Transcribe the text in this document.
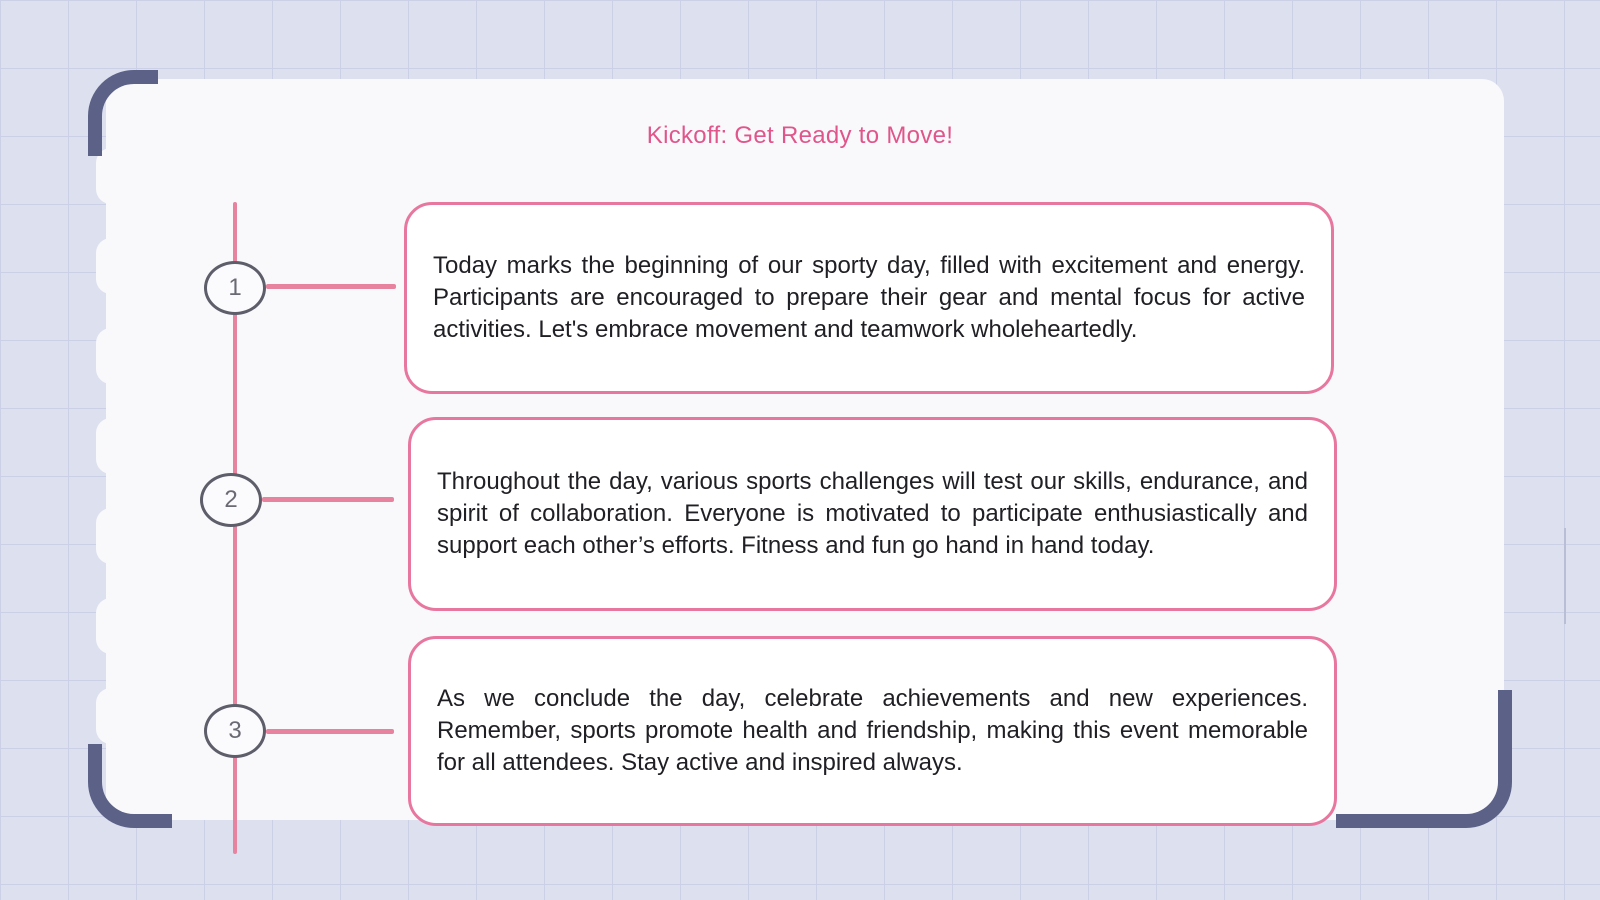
Kickoff: Get Ready to Move!
1

Today marks the beginning of our sporty day, filled with excitement and energy. Participants are encouraged to prepare their gear and mental focus for active activities. Let's embrace movement and teamwork wholeheartedly.

2

Throughout the day, various sports challenges will test our skills, endurance, and spirit of collaboration. Everyone is motivated to participate enthusiastically and support each other’s efforts. Fitness and fun go hand in hand today.

3

As we conclude the day, celebrate achievements and new experiences. Remember, sports promote health and friendship, making this event memorable for all attendees. Stay active and inspired always.
